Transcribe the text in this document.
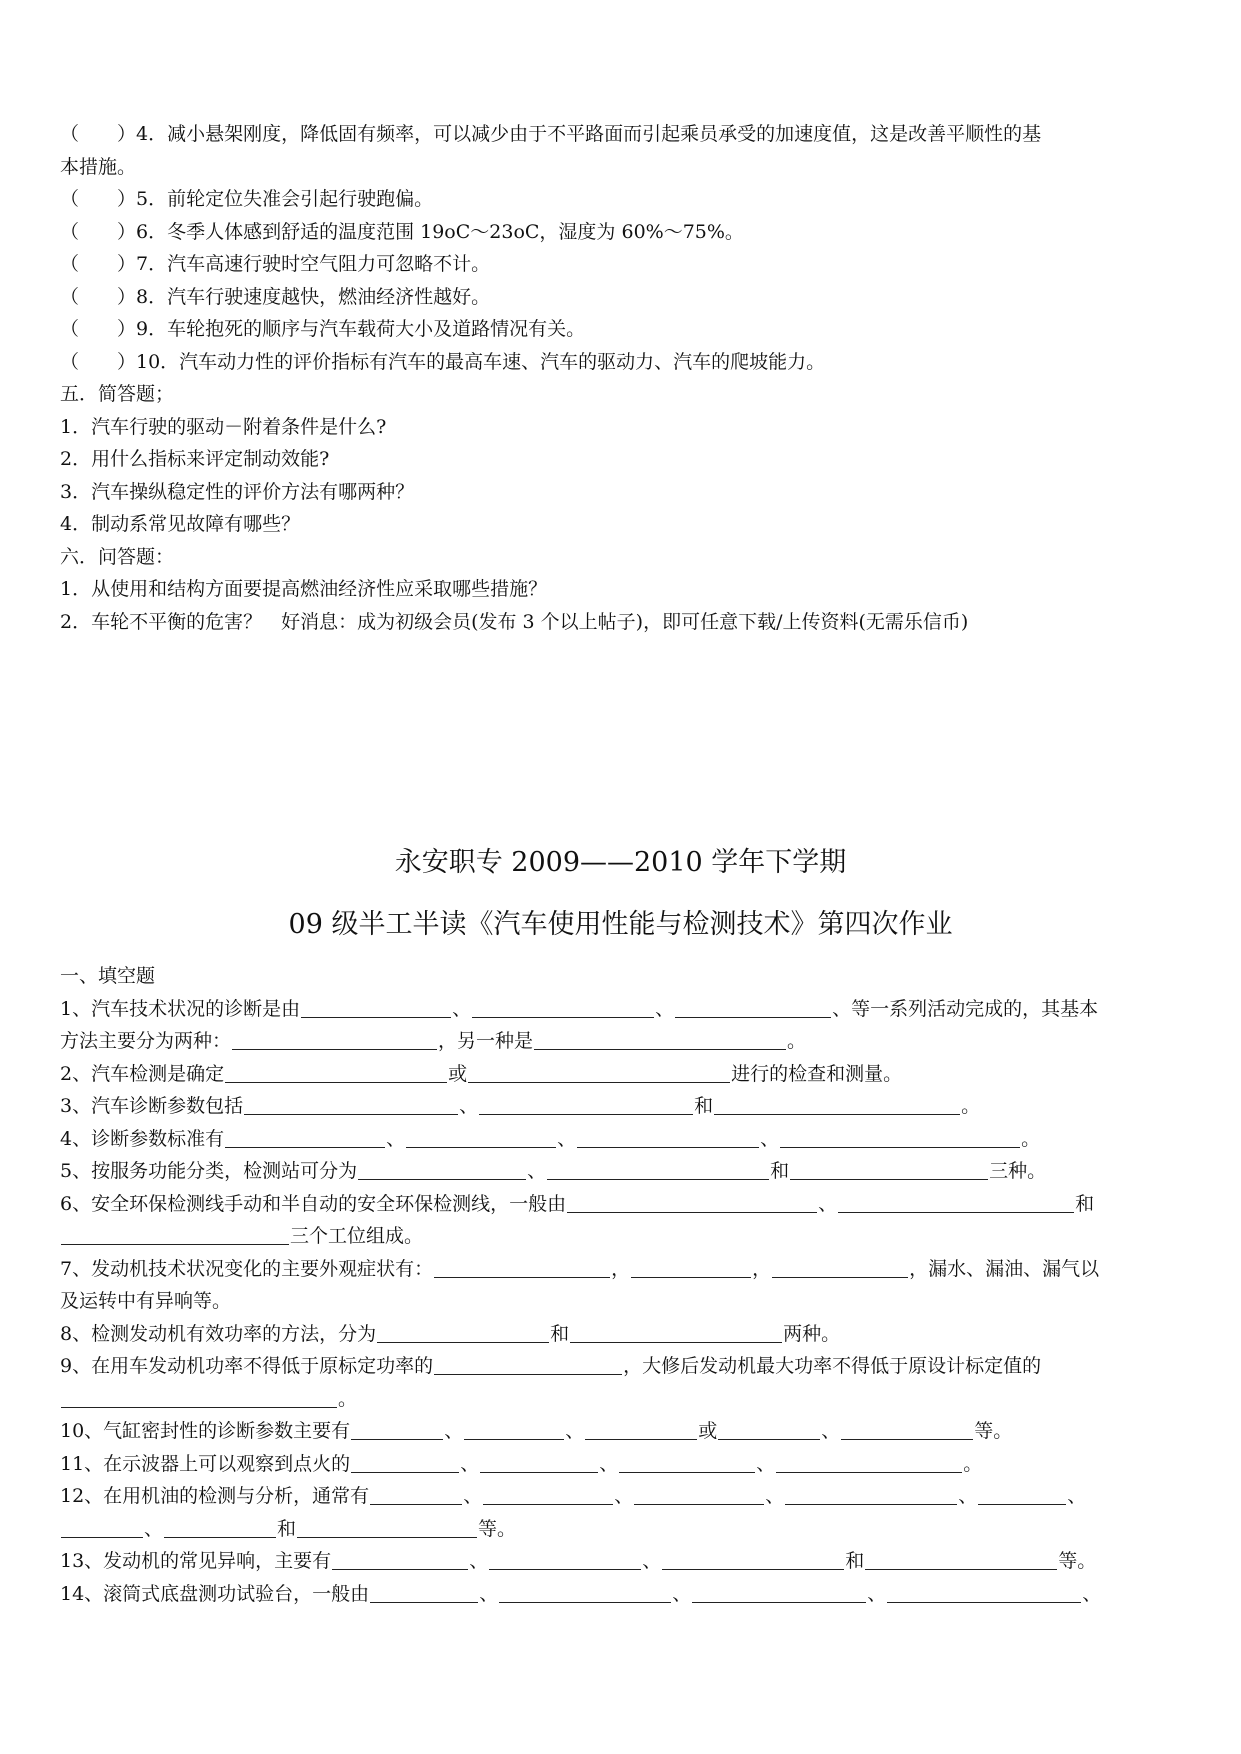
（　　）4．减小悬架刚度，降低固有频率，可以减少由于不平路面而引起乘员承受的加速度值，这是改善平顺性的基
本措施。
（　　）5．前轮定位失准会引起行驶跑偏。
（　　）6．冬季人体感到舒适的温度范围 19oC～23oC，湿度为 60%～75%。
（　　）7．汽车高速行驶时空气阻力可忽略不计。
（　　）8．汽车行驶速度越快，燃油经济性越好。
（　　）9．车轮抱死的顺序与汽车载荷大小及道路情况有关。
（　　）10．汽车动力性的评价指标有汽车的最高车速、汽车的驱动力、汽车的爬坡能力。
五．简答题；
1．汽车行驶的驱动－附着条件是什么?
2．用什么指标来评定制动效能?
3．汽车操纵稳定性的评价方法有哪两种？
4．制动系常见故障有哪些？
六．问答题：
1．从使用和结构方面要提高燃油经济性应采取哪些措施？
2．车轮不平衡的危害？　好消息：成为初级会员(发布 3 个以上帖子)，即可任意下载/上传资料(无需乐信币)
永安职专 2009——2010 学年下学期
09 级半工半读《汽车使用性能与检测技术》第四次作业
一、填空题
1、汽车技术状况的诊断是由	、	、	、等一系列活动完成的，其基本
方法主要分为两种：	，另一种是	。
2、汽车检测是确定	或	进行的检查和测量。
3、汽车诊断参数包括	、	和	。
4、诊断参数标准有	、	、	、	。
5、按服务功能分类，检测站可分为	、	和	三种。
6、安全环保检测线手动和半自动的安全环保检测线，一般由	、	和
三个工位组成。
7、发动机技术状况变化的主要外观症状有：	，	，	，漏水、漏油、漏气以
及运转中有异响等。
8、检测发动机有效功率的方法，分为	和	两种。
9、在用车发动机功率不得低于原标定功率的	，大修后发动机最大功率不得低于原设计标定值的
。
10、气缸密封性的诊断参数主要有	、	、	或	、	等。
11、在示波器上可以观察到点火的	、	、	、	。
12、在用机油的检测与分析，通常有	、	、	、	、	、
、	和	等。
13、发动机的常见异响，主要有	、	、	和	等。
14、滚筒式底盘测功试验台，一般由	、	、	、	、
